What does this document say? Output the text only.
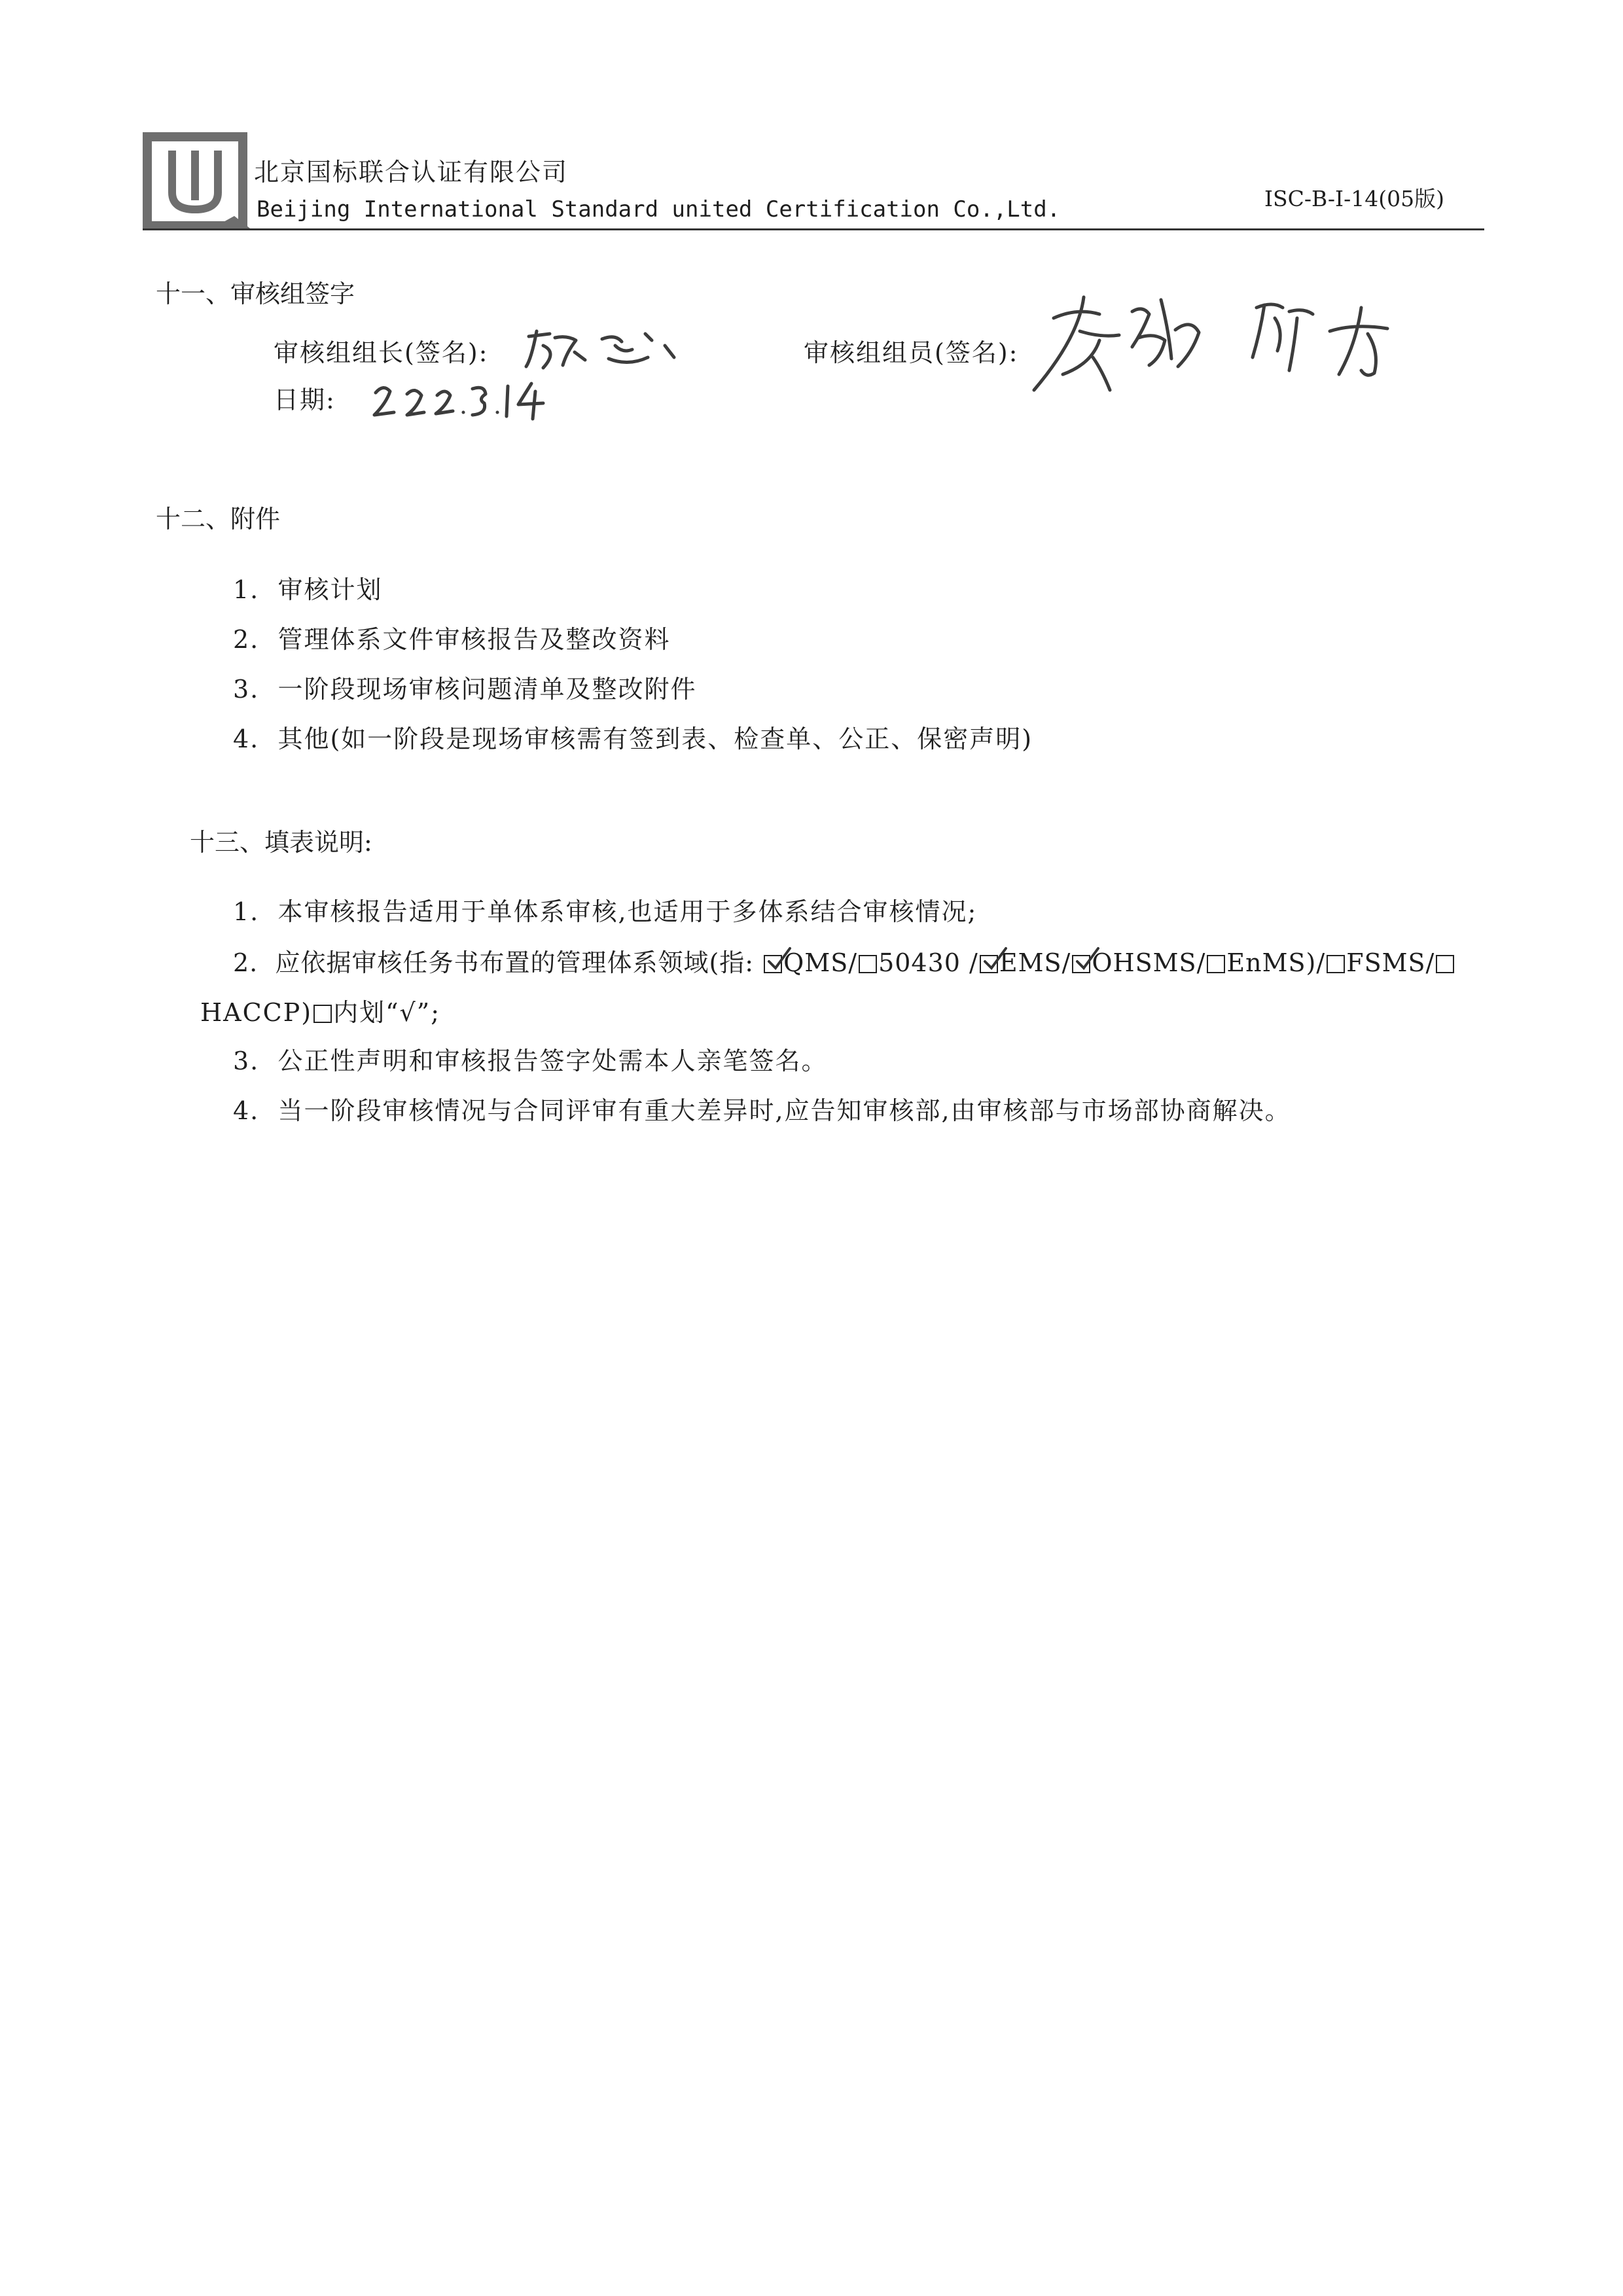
北京国标联合认证有限公司
Beijing International Standard united Certification Co.,Ltd.	ISC-B-I-14(05版)
十一、审核组签字
审核组组长(签名):	审核组组员(签名):
日期:
十二、附件
1. 审核计划
2. 管理体系文件审核报告及整改资料
3. 一阶段现场审核问题清单及整改附件
4. 其他(如一阶段是现场审核需有签到表、检查单、公正、保密声明)
十三、填表说明:
1. 本审核报告适用于单体系审核,也适用于多体系结合审核情况;
2. 应依据审核任务书布置的管理体系领域(指: QMS/ 50430 / EMS/ OHSMS/ EnMS)/ FSMS/
HACCP) 内划“√”;
3. 公正性声明和审核报告签字处需本人亲笔签名。
4. 当一阶段审核情况与合同评审有重大差异时,应告知审核部,由审核部与市场部协商解决。
